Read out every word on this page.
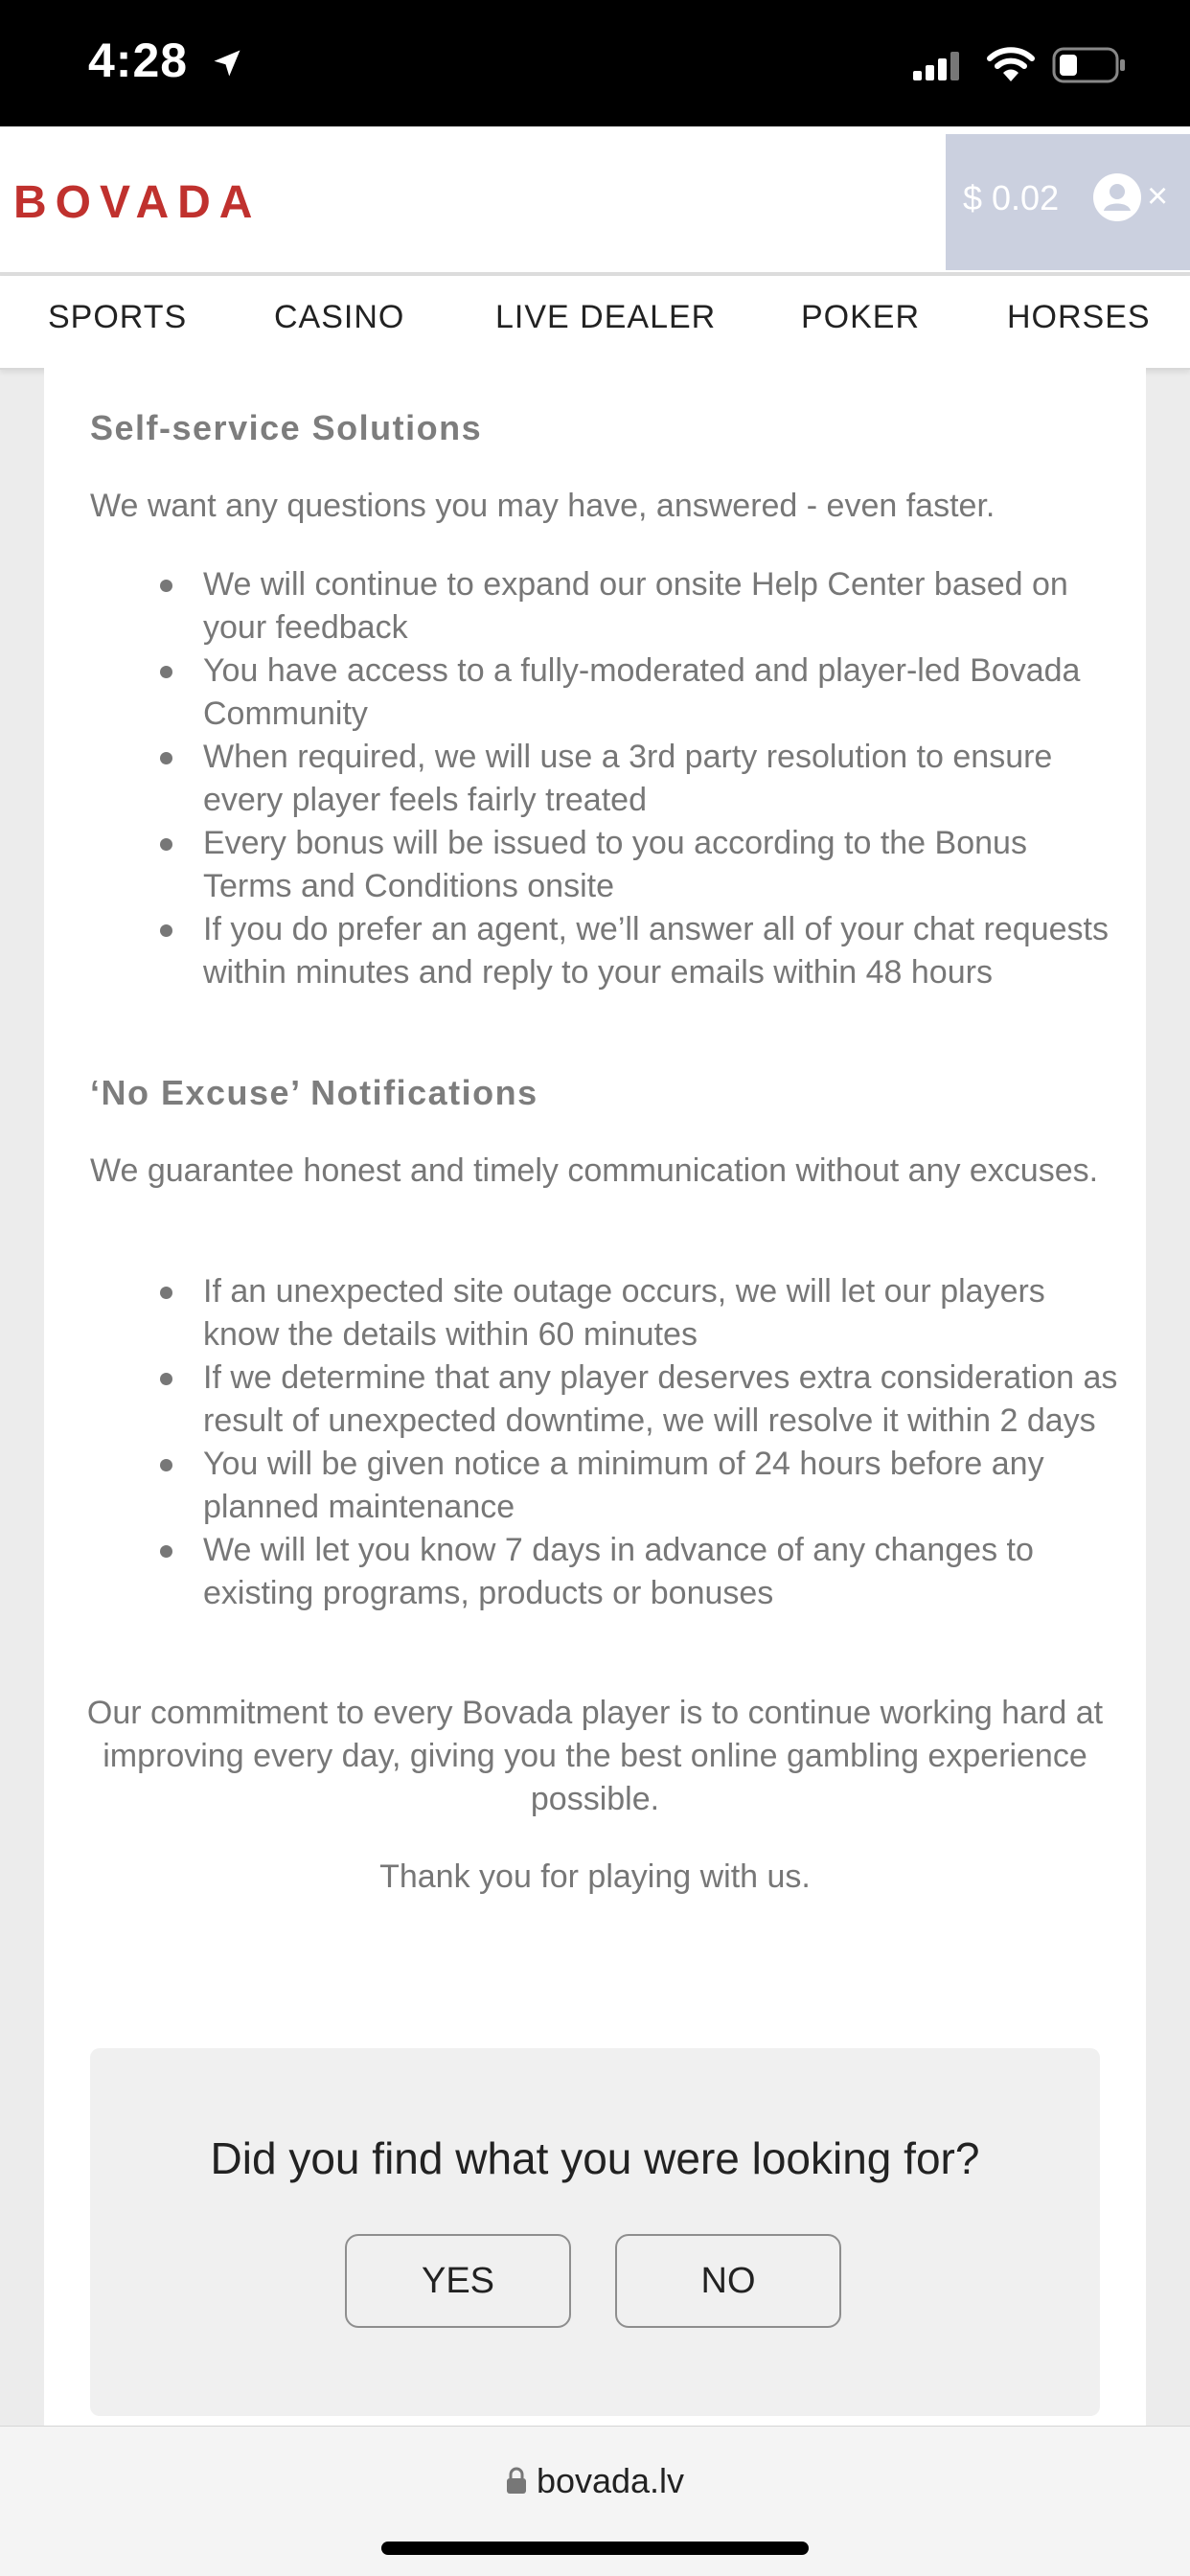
4:28
BOVADA	$ 0.02 ×
SPORTS	CASINO	LIVE DEALER	POKER	HORSES
Self-service Solutions
We want any questions you may have, answered - even faster.
We will continue to expand our onsite Help Center based on your feedback
You have access to a fully-moderated and player-led Bovada Community
When required, we will use a 3rd party resolution to ensure every player feels fairly treated
Every bonus will be issued to you according to the Bonus Terms and Conditions onsite
If you do prefer an agent, we’ll answer all of your chat requests within minutes and reply to your emails within 48 hours
‘No Excuse’ Notifications
We guarantee honest and timely communication without any excuses.
If an unexpected site outage occurs, we will let our players know the details within 60 minutes
If we determine that any player deserves extra consideration as result of unexpected downtime, we will resolve it within 2 days
You will be given notice a minimum of 24 hours before any planned maintenance
We will let you know 7 days in advance of any changes to existing programs, products or bonuses
Our commitment to every Bovada player is to continue working hard at improving every day, giving you the best online gambling experience possible.
Thank you for playing with us.
Did you find what you were looking for?
YES	NO
bovada.lv
